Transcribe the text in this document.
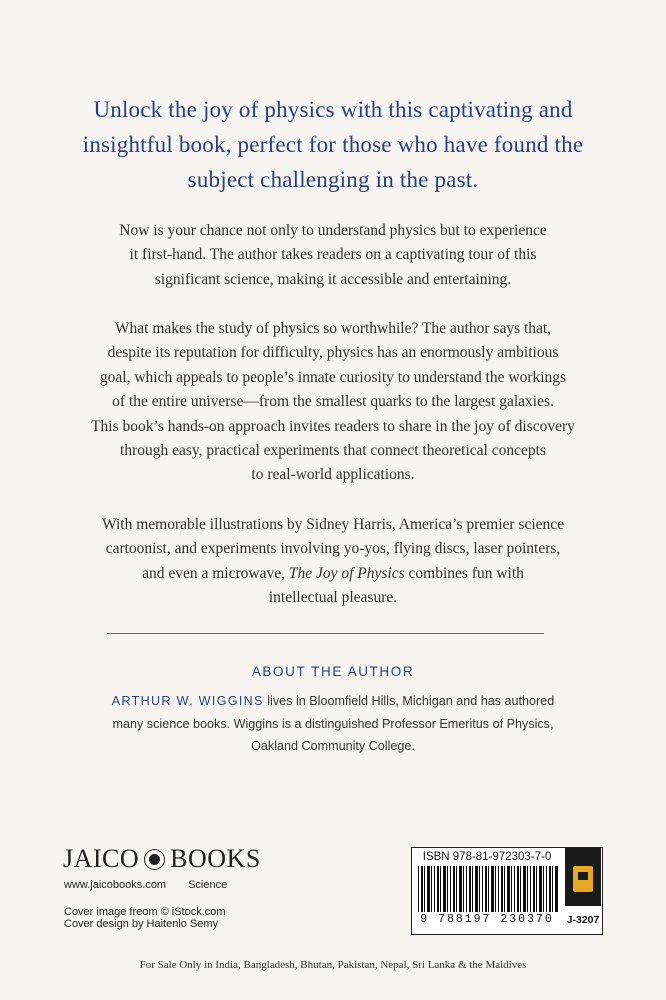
Unlock the joy of physics with this captivating and
insightful book, perfect for those who have found the
subject challenging in the past.
Now is your chance not only to understand physics but to experience
it first-hand. The author takes readers on a captivating tour of this
significant science, making it accessible and entertaining.
What makes the study of physics so worthwhile? The author says that,
despite its reputation for difficulty, physics has an enormously ambitious
goal, which appeals to people’s innate curiosity to understand the workings
of the entire universe—from the smallest quarks to the largest galaxies.
This book’s hands-on approach invites readers to share in the joy of discovery
through easy, practical experiments that connect theoretical concepts
to real-world applications.
With memorable illustrations by Sidney Harris, America’s premier science
cartoonist, and experiments involving yo-yos, flying discs, laser pointers,
and even a microwave, The Joy of Physics combines fun with
intellectual pleasure.
ABOUT THE AUTHOR
ARTHUR W. WIGGINS lives in Bloomfield Hills, Michigan and has authored
many science books. Wiggins is a distinguished Professor Emeritus of Physics,
Oakland Community College.
JAICO BOOKS
www.jaicobooks.com Science
Cover image freom © iStock.com
Cover design by Haitenlo Semy
ISBN 978-81-972303-7-0
9 788197 230370	J-3207
For Sale Only in India, Bangladesh, Bhutan, Pakistan, Nepal, Sri Lanka & the Maldives
